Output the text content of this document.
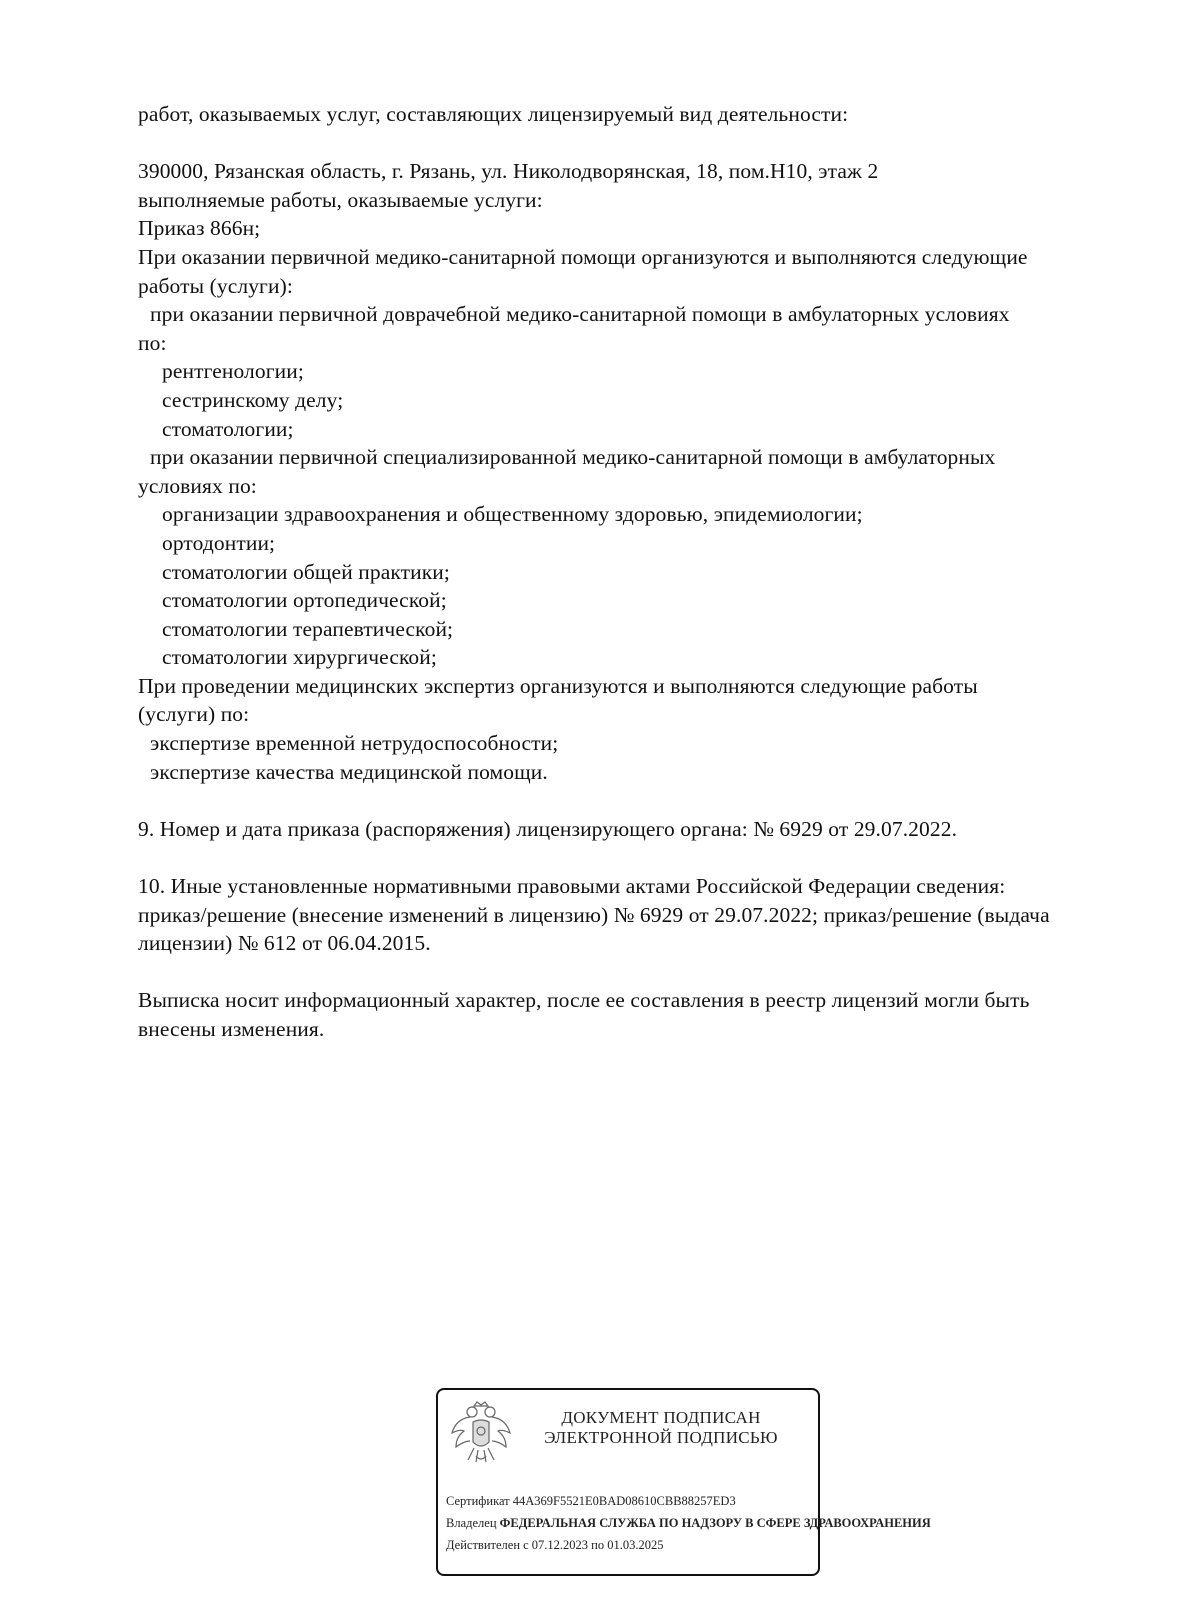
работ, оказываемых услуг, составляющих лицензируемый вид деятельности:
390000, Рязанская область, г. Рязань, ул. Николодворянская, 18, пом.Н10, этаж 2
выполняемые работы, оказываемые услуги:
Приказ 866н;
При оказании первичной медико-санитарной помощи организуются и выполняются следующие
работы (услуги):
при оказании первичной доврачебной медико-санитарной помощи в амбулаторных условиях
по:
рентгенологии;
сестринскому делу;
стоматологии;
при оказании первичной специализированной медико-санитарной помощи в амбулаторных
условиях по:
организации здравоохранения и общественному здоровью, эпидемиологии;
ортодонтии;
стоматологии общей практики;
стоматологии ортопедической;
стоматологии терапевтической;
стоматологии хирургической;
При проведении медицинских экспертиз организуются и выполняются следующие работы
(услуги) по:
экспертизе временной нетрудоспособности;
экспертизе качества медицинской помощи.
9. Номер и дата приказа (распоряжения) лицензирующего органа: № 6929 от 29.07.2022.
10. Иные установленные нормативными правовыми актами Российской Федерации сведения:
приказ/решение (внесение изменений в лицензию) № 6929 от 29.07.2022; приказ/решение (выдача
лицензии) № 612 от 06.04.2015.
Выписка носит информационный характер, после ее составления в реестр лицензий могли быть
внесены изменения.
ДОКУМЕНТ ПОДПИСАН
ЭЛЕКТРОННОЙ ПОДПИСЬЮ
Сертификат 44A369F5521E0BAD08610CBB88257ED3
Владелец ФЕДЕРАЛЬНАЯ СЛУЖБА ПО НАДЗОРУ В СФЕРЕ ЗДРАВООХРАНЕНИЯ
Действителен с 07.12.2023 по 01.03.2025
